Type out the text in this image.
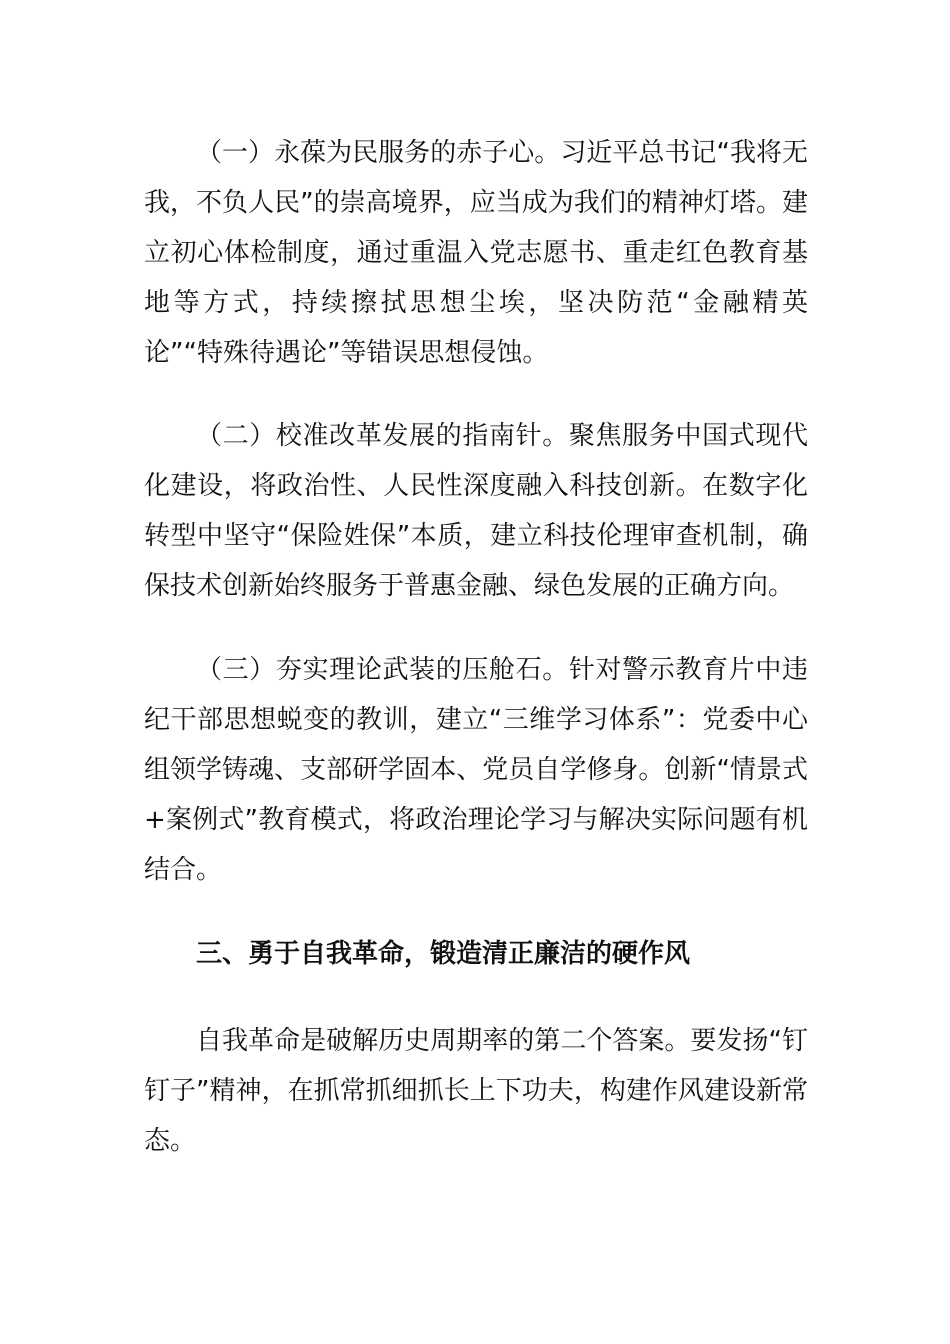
（一）永葆为民服务的赤子心。习近平总书记“我将无我，不负人民”的崇高境界，应当成为我们的精神灯塔。建立初心体检制度，通过重温入党志愿书、重走红色教育基地等方式，持续擦拭思想尘埃，坚决防范“金融精英论”“特殊待遇论”等错误思想侵蚀。

（二）校准改革发展的指南针。聚焦服务中国式现代化建设，将政治性、人民性深度融入科技创新。在数字化转型中坚守“保险姓保”本质，建立科技伦理审查机制，确保技术创新始终服务于普惠金融、绿色发展的正确方向。

（三）夯实理论武装的压舱石。针对警示教育片中违纪干部思想蜕变的教训，建立“三维学习体系”：党委中心组领学铸魂、支部研学固本、党员自学修身。创新“情景式+案例式”教育模式，将政治理论学习与解决实际问题有机结合。

三、勇于自我革命，锻造清正廉洁的硬作风

自我革命是破解历史周期率的第二个答案。要发扬“钉钉子”精神，在抓常抓细抓长上下功夫，构建作风建设新常态。
